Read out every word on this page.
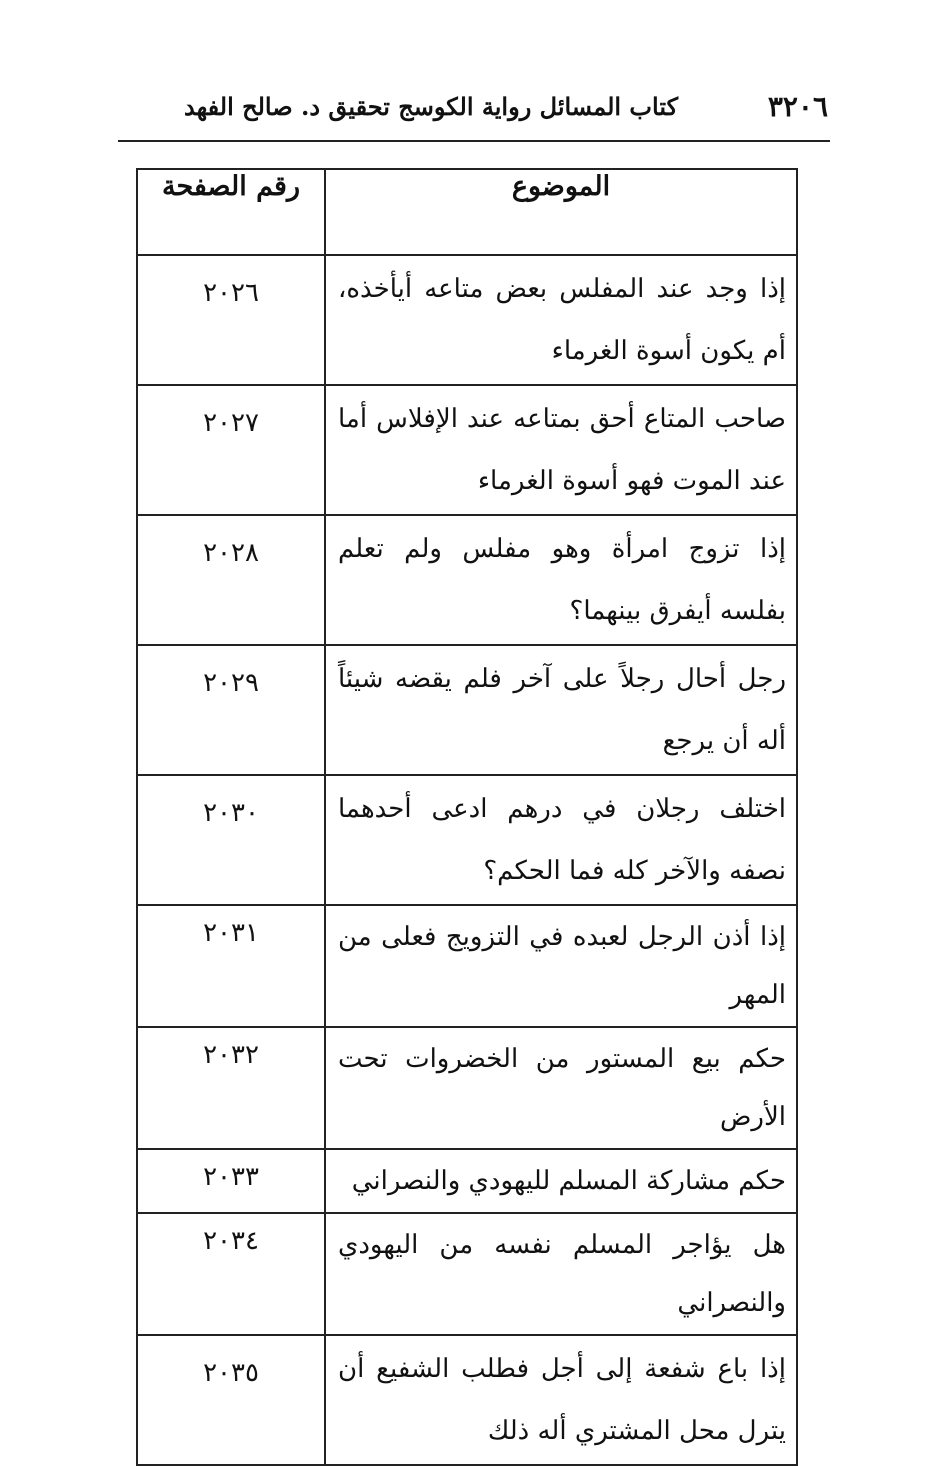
٣٢٠٦
كتاب المسائل رواية الكوسج تحقيق د. صالح الفهد
الموضوع	رقم الصفحة
إذا وجد عند المفلس بعض متاعه أيأخذه، أم يكون أسوة الغرماء	٢٠٢٦
صاحب المتاع أحق بمتاعه عند الإفلاس أما عند الموت فهو أسوة الغرماء	٢٠٢٧
إذا تزوج امرأة وهو مفلس ولم تعلم بفلسه أيفرق بينهما؟	٢٠٢٨
رجل أحال رجلاً على آخر فلم يقضه شيئاً أله أن يرجع	٢٠٢٩
اختلف رجلان في درهم ادعى أحدهما نصفه والآخر كله فما الحكم؟	٢٠٣٠
إذا أذن الرجل لعبده في التزويج فعلى من المهر	٢٠٣١
حكم بيع المستور من الخضروات تحت الأرض	٢٠٣٢
حكم مشاركة المسلم لليهودي والنصراني	٢٠٣٣
هل يؤاجر المسلم نفسه من اليهودي والنصراني	٢٠٣٤
إذا باع شفعة إلى أجل فطلب الشفيع أن يترل محل المشتري أله ذلك	٢٠٣٥
